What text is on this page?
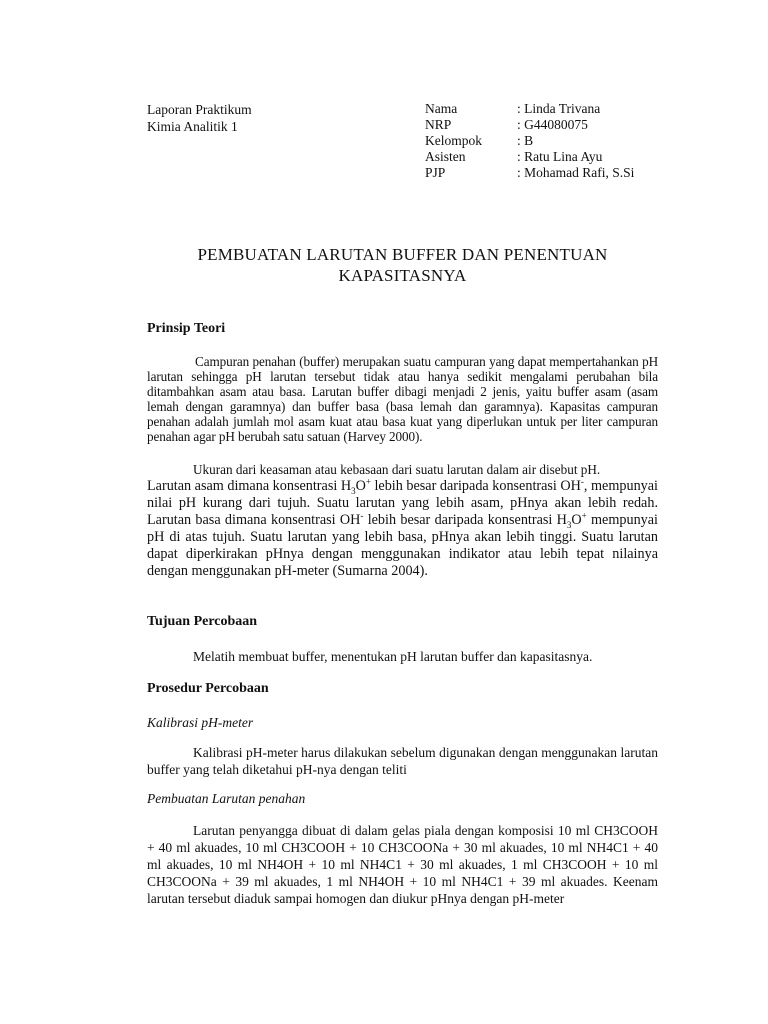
Laporan Praktikum
Kimia Analitik 1
Nama	: Linda Trivana
NRP	: G44080075
Kelompok	: B
Asisten	: Ratu Lina Ayu
PJP	: Mohamad Rafi, S.Si
PEMBUATAN LARUTAN BUFFER DAN PENENTUAN
KAPASITASNYA
Prinsip Teori
Campuran penahan (buffer) merupakan suatu campuran yang dapat mempertahankan pH larutan sehingga pH larutan tersebut tidak atau hanya sedikit mengalami perubahan bila ditambahkan asam atau basa. Larutan buffer dibagi menjadi 2 jenis, yaitu buffer asam (asam lemah dengan garamnya) dan buffer basa (basa lemah dan garamnya). Kapasitas campuran penahan adalah jumlah mol asam kuat atau basa kuat yang diperlukan untuk per liter campuran penahan agar pH berubah satu satuan (Harvey 2000).
Ukuran dari keasaman atau kebasaan dari suatu larutan dalam air disebut pH.
Larutan asam dimana konsentrasi $H_3O^+$ lebih besar daripada konsentrasi OH-, mempunyai nilai pH kurang dari tujuh. Suatu larutan yang lebih asam, pHnya akan lebih redah. Larutan basa dimana konsentrasi OH- lebih besar daripada konsentrasi $H_3O^+$ mempunyai pH di atas tujuh. Suatu larutan yang lebih basa, pHnya akan lebih tinggi. Suatu larutan dapat diperkirakan pHnya dengan menggunakan indikator atau lebih tepat nilainya dengan menggunakan pH-meter (Sumarna 2004).
Tujuan Percobaan
Melatih membuat buffer, menentukan pH larutan buffer dan kapasitasnya.
Prosedur Percobaan
Kalibrasi pH-meter
Kalibrasi pH-meter harus dilakukan sebelum digunakan dengan menggunakan larutan buffer yang telah diketahui pH-nya dengan teliti
Pembuatan Larutan penahan
Larutan penyangga dibuat di dalam gelas piala dengan komposisi 10 ml CH3COOH + 40 ml akuades, 10 ml CH3COOH + 10 CH3COONa + 30 ml akuades, 10 ml NH4C1 + 40 ml akuades, 10 ml NH4OH + 10 ml NH4C1 + 30 ml akuades, 1 ml CH3COOH + 10 ml CH3COONa + 39 ml akuades, 1 ml NH4OH + 10 ml NH4C1 + 39 ml akuades. Keenam larutan tersebut diaduk sampai homogen dan diukur pHnya dengan pH-meter
